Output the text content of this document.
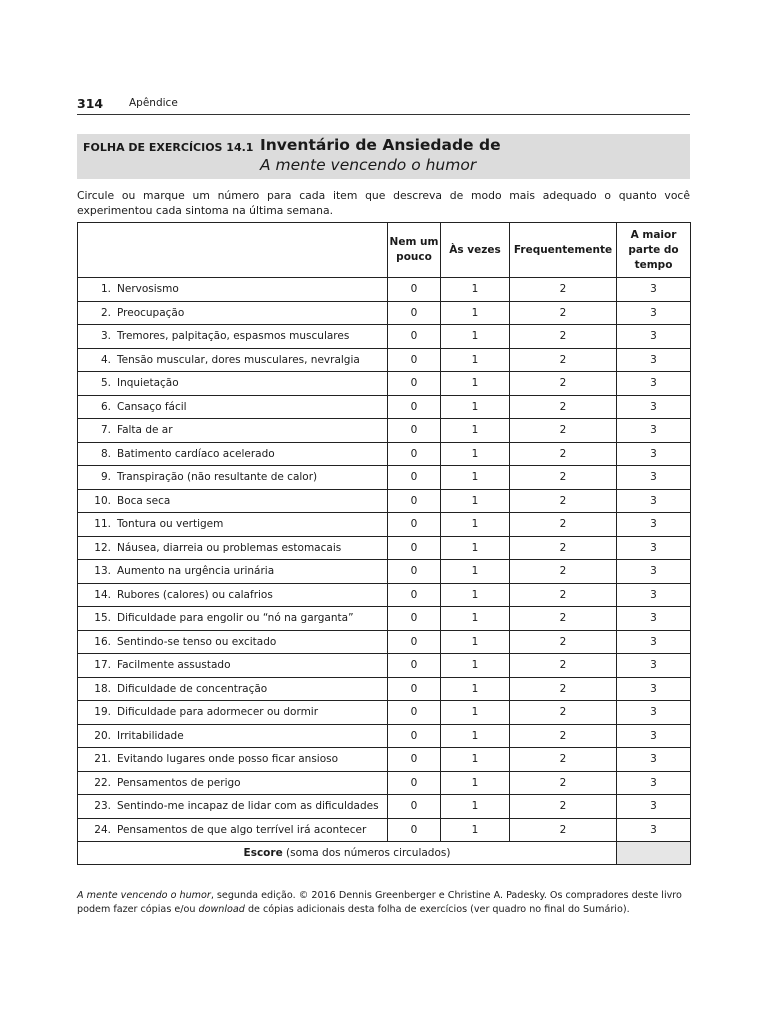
314 Apêndice
FOLHA DE EXERCÍCIOS 14.1 Inventário de Ansiedade de
A mente vencendo o humor
Circule ou marque um número para cada item que descreva de modo mais adequado o quanto você experimentou cada sintoma na última semana.
	Nem um pouco	Às vezes	Frequentemente	A maior parte do tempo
1. Nervosismo	0	1	2	3
2. Preocupação	0	1	2	3
3. Tremores, palpitação, espasmos musculares	0	1	2	3
4. Tensão muscular, dores musculares, nevralgia	0	1	2	3
5. Inquietação	0	1	2	3
6. Cansaço fácil	0	1	2	3
7. Falta de ar	0	1	2	3
8. Batimento cardíaco acelerado	0	1	2	3
9. Transpiração (não resultante de calor)	0	1	2	3
10. Boca seca	0	1	2	3
11. Tontura ou vertigem	0	1	2	3
12. Náusea, diarreia ou problemas estomacais	0	1	2	3
13. Aumento na urgência urinária	0	1	2	3
14. Rubores (calores) ou calafrios	0	1	2	3
15. Dificuldade para engolir ou “nó na garganta”	0	1	2	3
16. Sentindo-se tenso ou excitado	0	1	2	3
17. Facilmente assustado	0	1	2	3
18. Dificuldade de concentração	0	1	2	3
19. Dificuldade para adormecer ou dormir	0	1	2	3
20. Irritabilidade	0	1	2	3
21. Evitando lugares onde posso ficar ansioso	0	1	2	3
22. Pensamentos de perigo	0	1	2	3
23. Sentindo-me incapaz de lidar com as dificuldades	0	1	2	3
24. Pensamentos de que algo terrível irá acontecer	0	1	2	3
Escore (soma dos números circulados)				
A mente vencendo o humor, segunda edição. © 2016 Dennis Greenberger e Christine A. Padesky. Os compradores deste livro podem fazer cópias e/ou download de cópias adicionais desta folha de exercícios (ver quadro no final do Sumário).
